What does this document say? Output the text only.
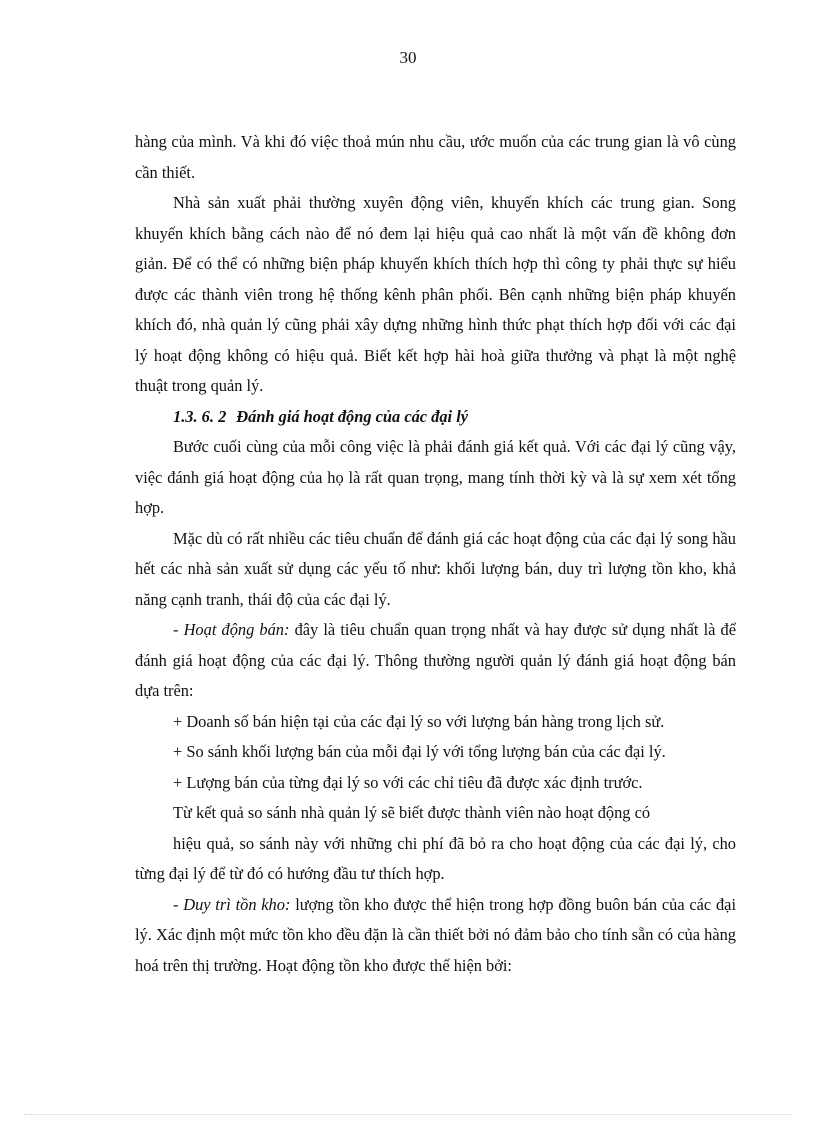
30

hàng của mình. Và khi đó việc thoả mún nhu cầu, ước muốn của các trung gian là vô cùng cần thiết.

Nhà sản xuất phải thường xuyên động viên, khuyến khích các trung gian. Song khuyến khích bằng cách nào để nó đem lại hiệu quả cao nhất là một vấn đề không đơn giản. Để có thể có những biện pháp khuyến khích thích hợp thì công ty phải thực sự hiểu được các thành viên trong hệ thống kênh phân phối. Bên cạnh những biện pháp khuyến khích đó, nhà quản lý cũng phải xây dựng những hình thức phạt thích hợp đối với các đại lý hoạt động không có hiệu quả. Biết kết hợp hài hoà giữa thưởng và phạt là một nghệ thuật trong quản lý.

1.3. 6. 2 Đánh giá hoạt động của các đại lý

Bước cuối cùng của mỗi công việc là phải đánh giá kết quả. Với các đại lý cũng vậy, việc đánh giá hoạt động của họ là rất quan trọng, mang tính thời kỳ và là sự xem xét tổng hợp.

Mặc dù có rất nhiều các tiêu chuẩn để đánh giá các hoạt động của các đại lý song hầu hết các nhà sản xuất sử dụng các yếu tố như: khối lượng bán, duy trì lượng tồn kho, khả năng cạnh tranh, thái độ của các đại lý.

- Hoạt động bán: đây là tiêu chuẩn quan trọng nhất và hay được sử dụng nhất là để đánh giá hoạt động của các đại lý. Thông thường người quản lý đánh giá hoạt động bán dựa trên:

+ Doanh số bán hiện tại của các đại lý so với lượng bán hàng trong lịch sử.

+ So sánh khối lượng bán của mỗi đại lý với tổng lượng bán của các đại lý.

+ Lượng bán của từng đại lý so với các chỉ tiêu đã được xác định trước.

Từ kết quả so sánh nhà quản lý sẽ biết được thành viên nào hoạt động có

hiệu quả, so sánh này với những chi phí đã bỏ ra cho hoạt động của các đại lý, cho từng đại lý để từ đó có hướng đầu tư thích hợp.

- Duy trì tồn kho: lượng tồn kho được thể hiện trong hợp đồng buôn bán của các đại lý. Xác định một mức tồn kho đều đặn là cần thiết bởi nó đảm bảo cho tính sẵn có của hàng hoá trên thị trường. Hoạt động tồn kho được thể hiện bởi:
